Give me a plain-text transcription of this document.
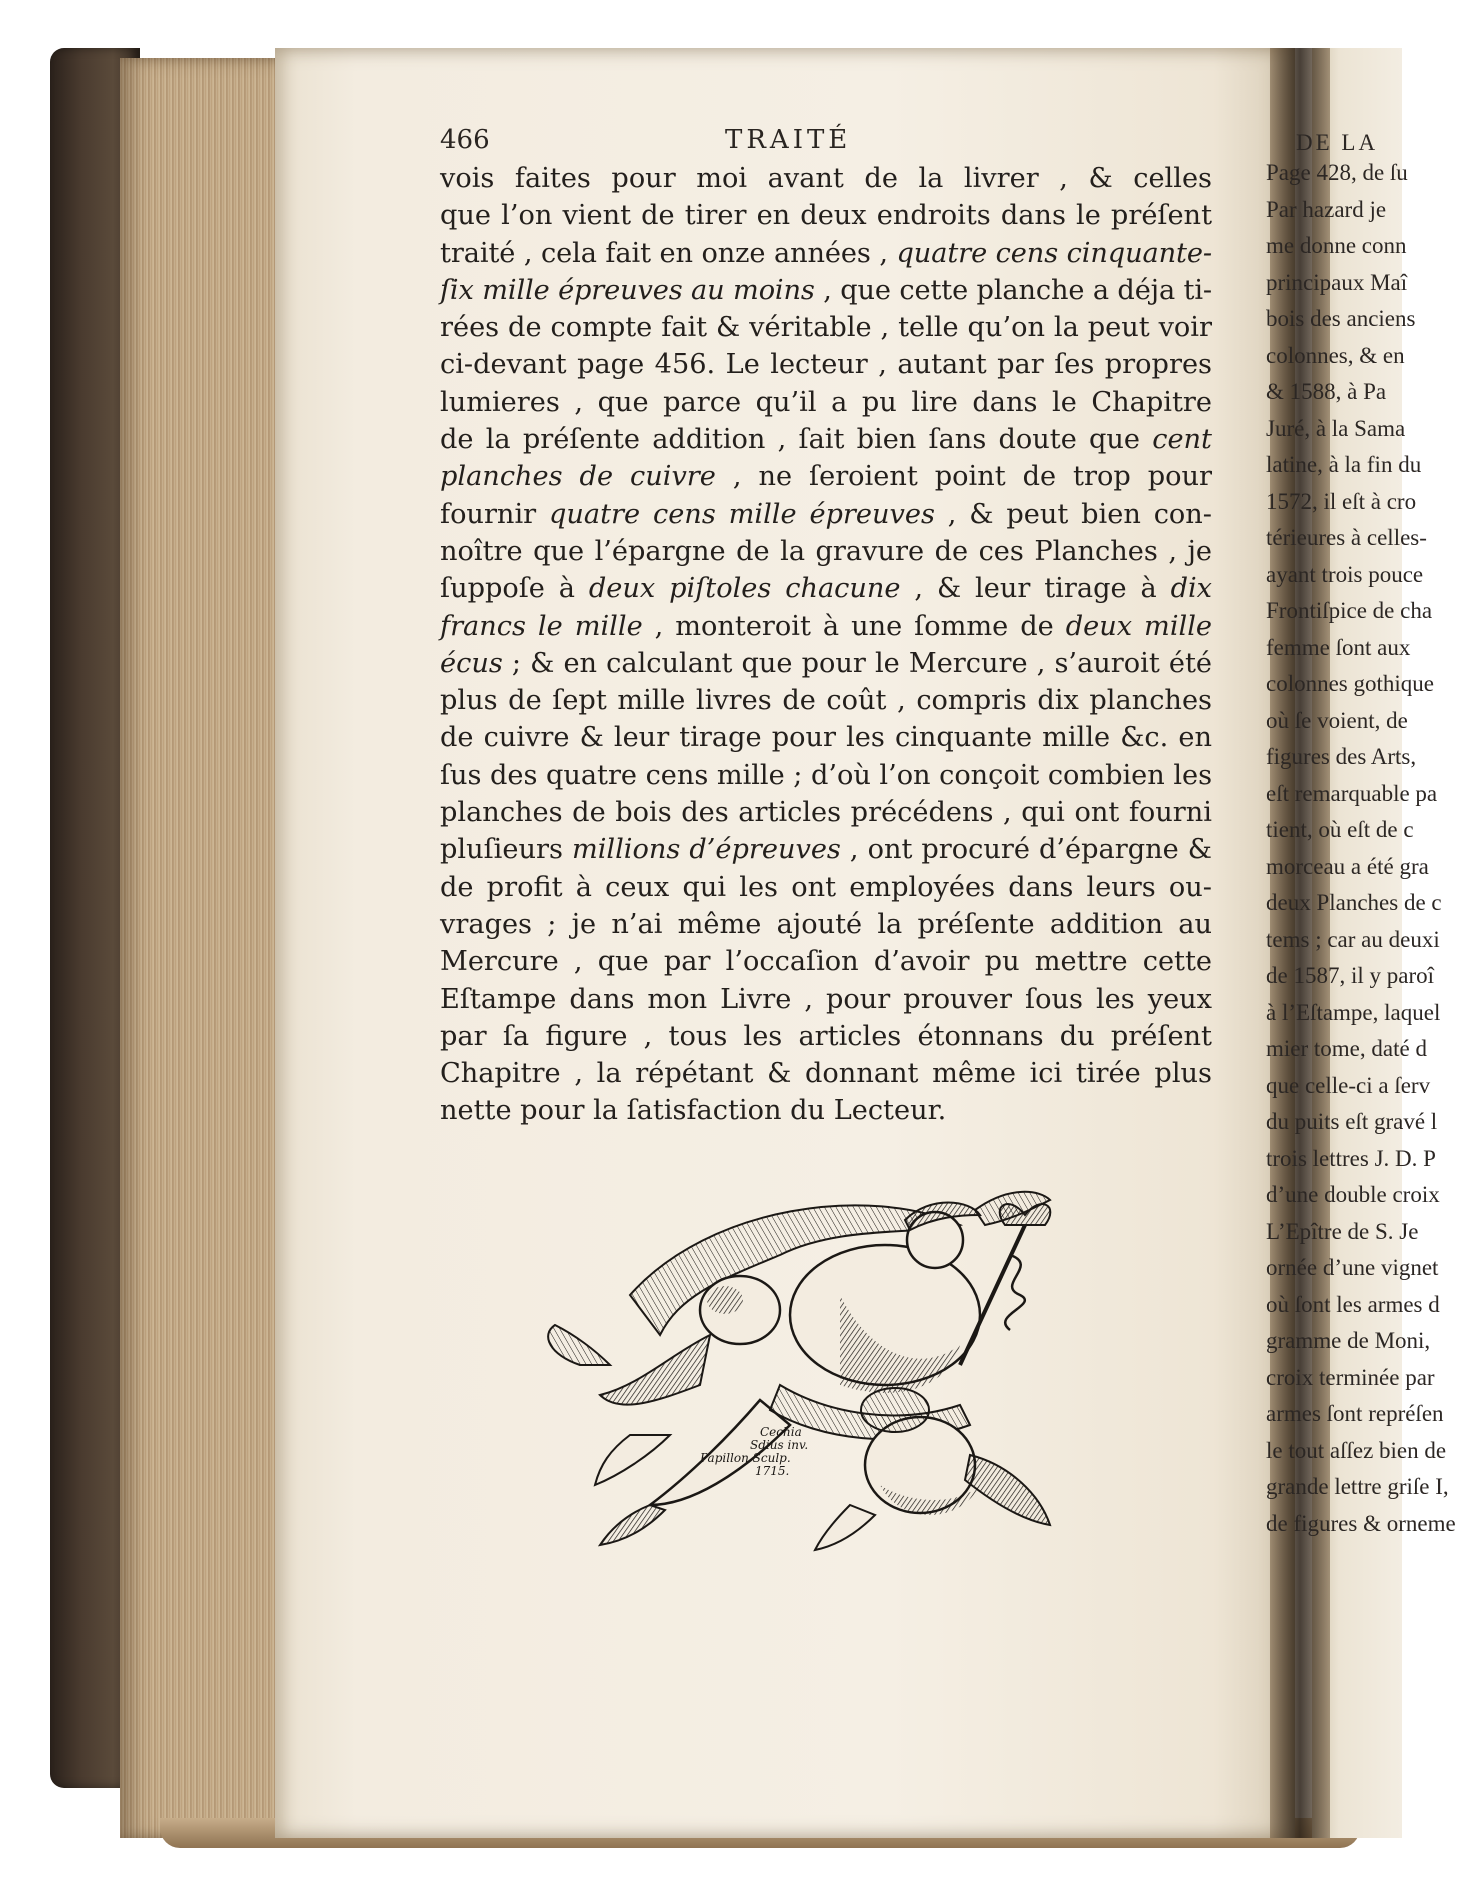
466	TRAITÉ
vois faites pour moi avant de la livrer , & celles
que l’on vient de tirer en deux endroits dans le préſent
traité , cela fait en onze années , quatre cens cinquante-
ſix mille épreuves au moins , que cette planche a déja ti-
rées de compte fait & véritable , telle qu’on la peut voir
ci-devant page 456. Le lecteur , autant par ſes propres
lumieres , que parce qu’il a pu lire dans le Chapitre
de la préſente addition , ſait bien ſans doute que cent
planches de cuivre , ne ſeroient point de trop pour
fournir quatre cens mille épreuves , & peut bien con-
noître que l’épargne de la gravure de ces Planches , je
ſuppoſe à deux piſtoles chacune , & leur tirage à dix
francs le mille , monteroit à une ſomme de deux mille
écus ; & en calculant que pour le Mercure , s’auroit été
plus de ſept mille livres de coût , compris dix planches
de cuivre & leur tirage pour les cinquante mille &c. en
ſus des quatre cens mille ; d’où l’on conçoit combien les
planches de bois des articles précédens , qui ont fourni
pluſieurs millions d’épreuves , ont procuré d’épargne &
de profit à ceux qui les ont employées dans leurs ou-
vrages ; je n’ai même ajouté la préſente addition au
Mercure , que par l’occaſion d’avoir pu mettre cette
Eſtampe dans mon Livre , pour prouver ſous les yeux
par ſa figure , tous les articles étonnans du préſent
Chapitre , la répétant & donnant même ici tirée plus
nette pour la ſatisfaction du Lecteur.
Cechia
Sdius inv.
Papillon Sculp.
1715.
DE LA
Page 428, de ſu
Par hazard je
me donne conn
principaux Maî
bois des anciens
colonnes, & en
& 1588, à Pa
Juré, à la Sama
latine, à la fin du
1572, il eſt à cro
térieures à celles-
ayant trois pouce
Frontiſpice de cha
femme ſont aux
colonnes gothique
où ſe voient, de
figures des Arts,
eſt remarquable pa
tient, où eſt de c
morceau a été gra
deux Planches de c
tems ; car au deuxi
de 1587, il y paroî
à l’Eſtampe, laquel
mier tome, daté d
que celle-ci a ſerv
du puits eſt gravé l
trois lettres J. D. P
d’une double croix
L’Epître de S. Je
ornée d’une vignet
où ſont les armes d
gramme de Moni,
croix terminée par
armes ſont repréſen
le tout aſſez bien de
grande lettre griſe I,
de figures & orneme
